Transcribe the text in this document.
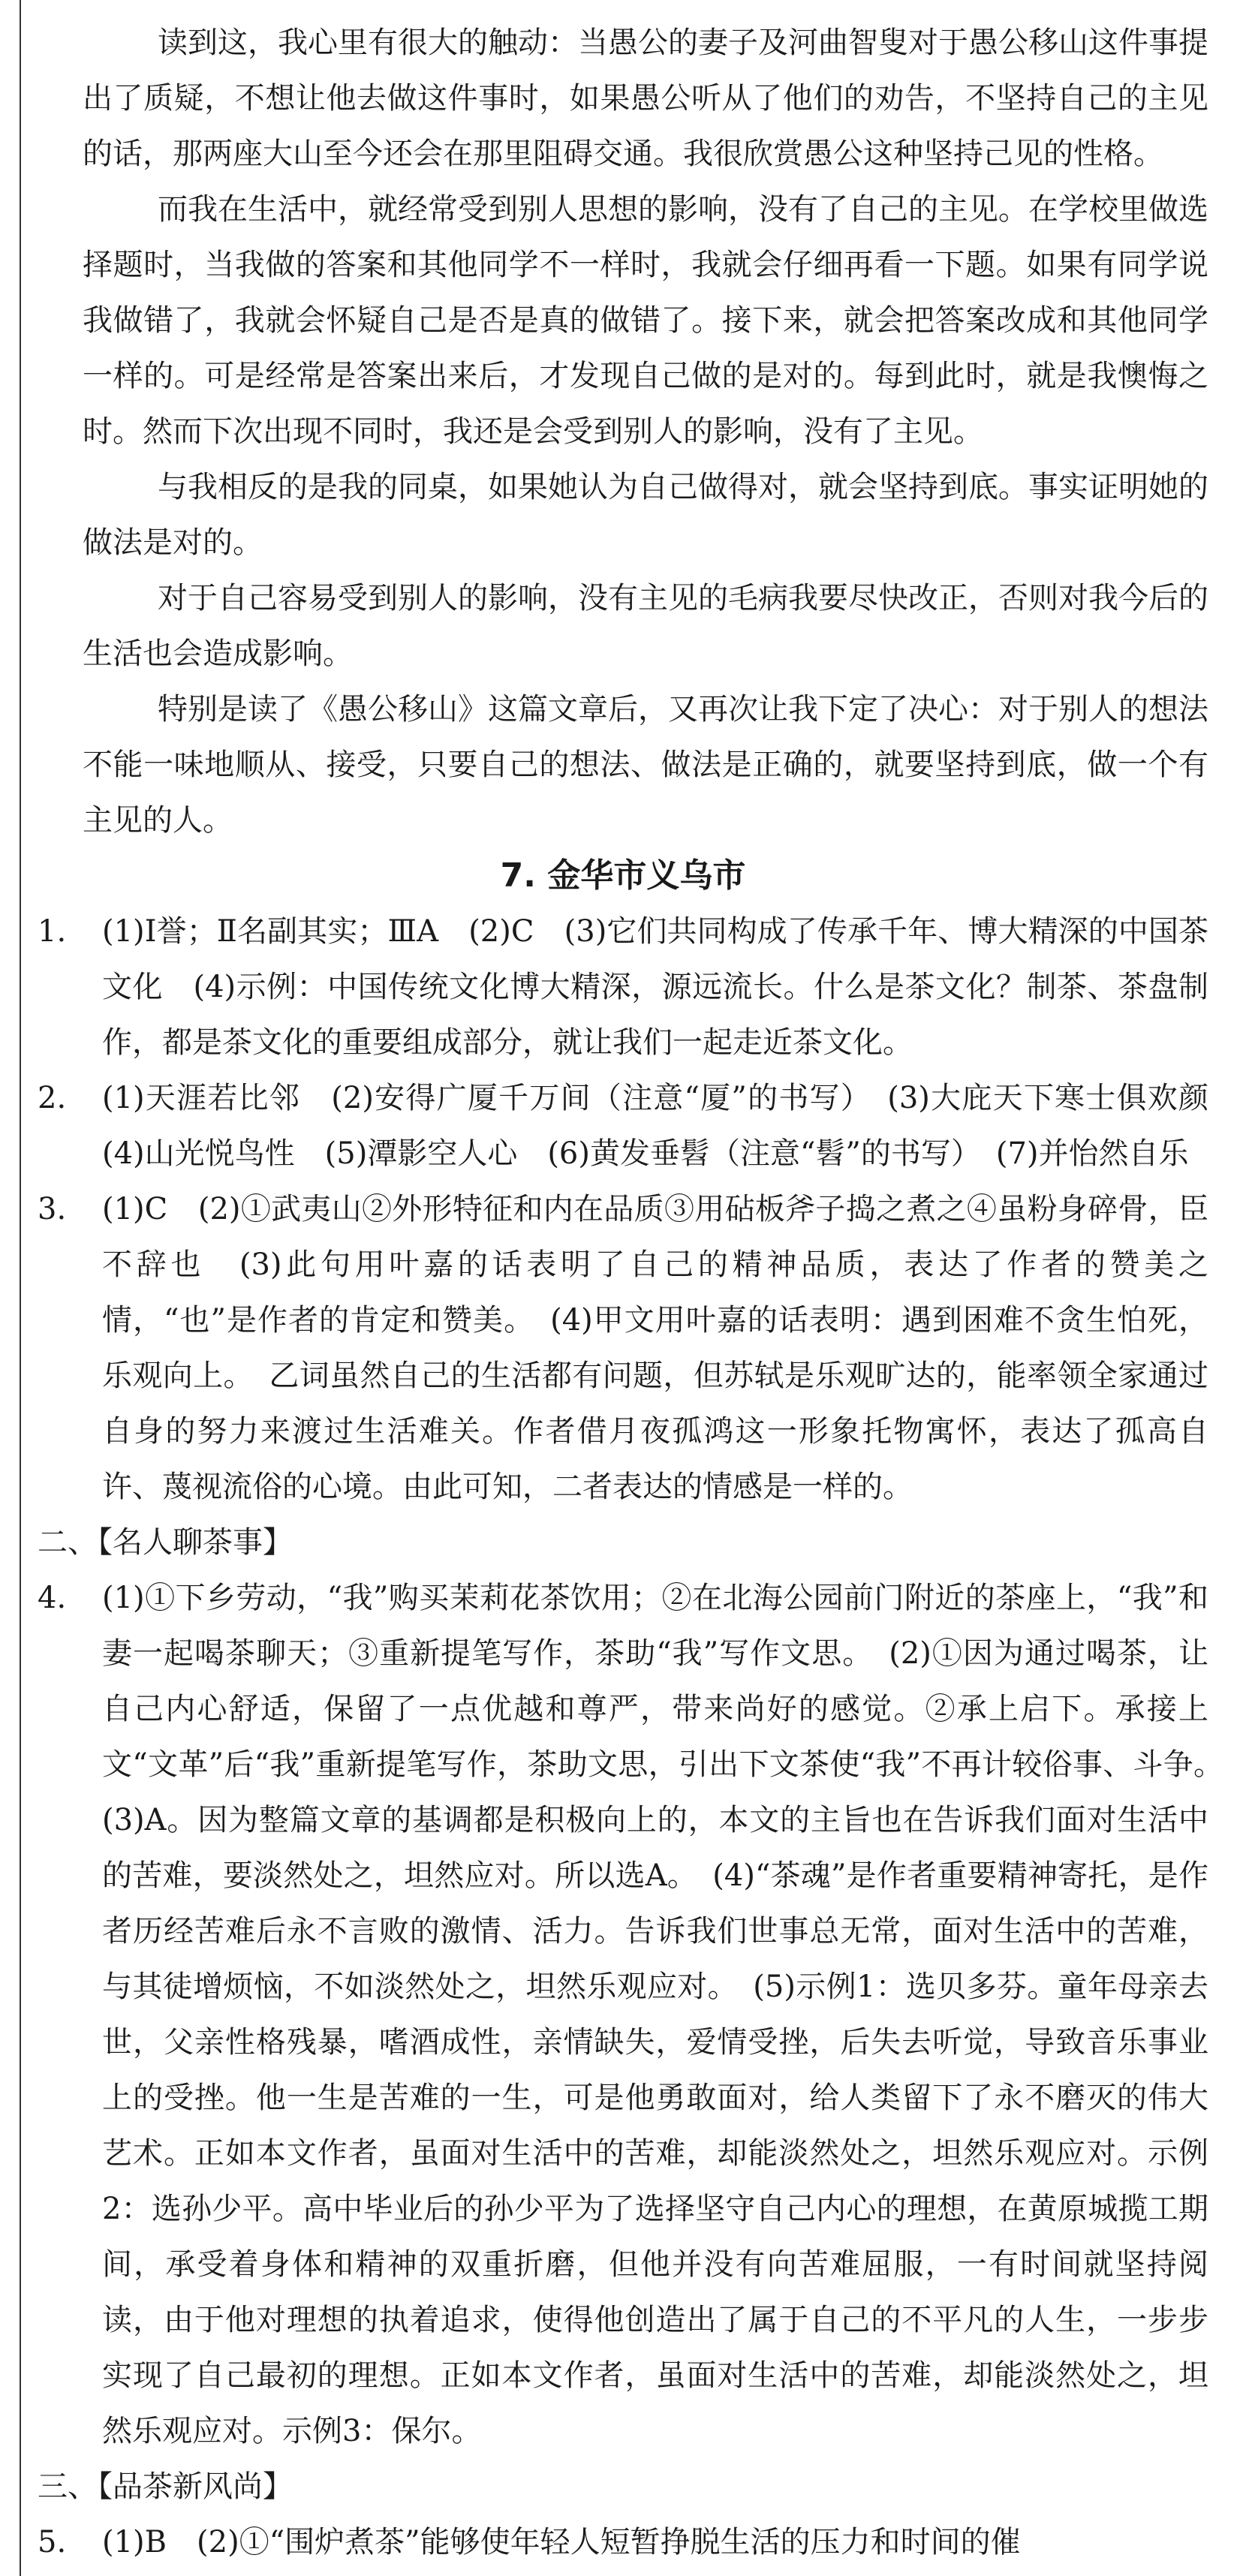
读到这，我心里有很大的触动：当愚公的妻子及河曲智叟对于愚公移山这件事提出了质疑，不想让他去做这件事时，如果愚公听从了他们的劝告，不坚持自己的主见的话，那两座大山至今还会在那里阻碍交通。我很欣赏愚公这种坚持己见的性格。

而我在生活中，就经常受到别人思想的影响，没有了自己的主见。在学校里做选择题时，当我做的答案和其他同学不一样时，我就会仔细再看一下题。如果有同学说我做错了，我就会怀疑自己是否是真的做错了。接下来，就会把答案改成和其他同学一样的。可是经常是答案出来后，才发现自己做的是对的。每到此时，就是我懊悔之时。然而下次出现不同时，我还是会受到别人的影响，没有了主见。

与我相反的是我的同桌，如果她认为自己做得对，就会坚持到底。事实证明她的做法是对的。

对于自己容易受到别人的影响，没有主见的毛病我要尽快改正，否则对我今后的生活也会造成影响。

特别是读了《愚公移山》这篇文章后，又再次让我下定了决心：对于别人的想法不能一味地顺从、接受，只要自己的想法、做法是正确的，就要坚持到底，做一个有主见的人。

7. 金华市义乌市

1. (1)Ⅰ誉；Ⅱ名副其实；ⅢA　(2)C　(3)它们共同构成了传承千年、博大精深的中国茶文化　(4)示例：中国传统文化博大精深，源远流长。什么是茶文化？制茶、茶盘制作，都是茶文化的重要组成部分，就让我们一起走近茶文化。
2. (1)天涯若比邻　(2)安得广厦千万间（注意“厦”的书写）　(3)大庇天下寒士俱欢颜　(4)山光悦鸟性　(5)潭影空人心　(6)黄发垂髫（注意“髫”的书写）　(7)并怡然自乐
3. (1)C　(2)①武夷山②外形特征和内在品质③用砧板斧子捣之煮之④虽粉身碎骨，臣不辞也　(3)此句用叶嘉的话表明了自己的精神品质，表达了作者的赞美之情，“也”是作者的肯定和赞美。　(4)甲文用叶嘉的话表明：遇到困难不贪生怕死，乐观向上。　乙词虽然自己的生活都有问题，但苏轼是乐观旷达的，能率领全家通过自身的努力来渡过生活难关。作者借月夜孤鸿这一形象托物寓怀，表达了孤高自许、蔑视流俗的心境。由此可知，二者表达的情感是一样的。

二、【名人聊茶事】

4. (1)①下乡劳动，“我”购买茉莉花茶饮用；②在北海公园前门附近的茶座上，“我”和妻一起喝茶聊天；③重新提笔写作，茶助“我”写作文思。　(2)①因为通过喝茶，让自己内心舒适，保留了一点优越和尊严，带来尚好的感觉。②承上启下。承接上文“文革”后“我”重新提笔写作，茶助文思，引出下文茶使“我”不再计较俗事、斗争。　(3)A。因为整篇文章的基调都是积极向上的，本文的主旨也在告诉我们面对生活中的苦难，要淡然处之，坦然应对。所以选A。　(4)“茶魂”是作者重要精神寄托，是作者历经苦难后永不言败的激情、活力。告诉我们世事总无常，面对生活中的苦难，与其徒增烦恼，不如淡然处之，坦然乐观应对。　(5)示例1：选贝多芬。童年母亲去世，父亲性格残暴，嗜酒成性，亲情缺失，爱情受挫，后失去听觉，导致音乐事业上的受挫。他一生是苦难的一生，可是他勇敢面对，给人类留下了永不磨灭的伟大艺术。正如本文作者，虽面对生活中的苦难，却能淡然处之，坦然乐观应对。示例2：选孙少平。高中毕业后的孙少平为了选择坚守自己内心的理想，在黄原城揽工期间，承受着身体和精神的双重折磨，但他并没有向苦难屈服，一有时间就坚持阅读，由于他对理想的执着追求，使得他创造出了属于自己的不平凡的人生，一步步实现了自己最初的理想。正如本文作者，虽面对生活中的苦难，却能淡然处之，坦然乐观应对。示例3：保尔。

三、【品茶新风尚】

5. (1)B　(2)①“围炉煮茶”能够使年轻人短暂挣脱生活的压力和时间的催
